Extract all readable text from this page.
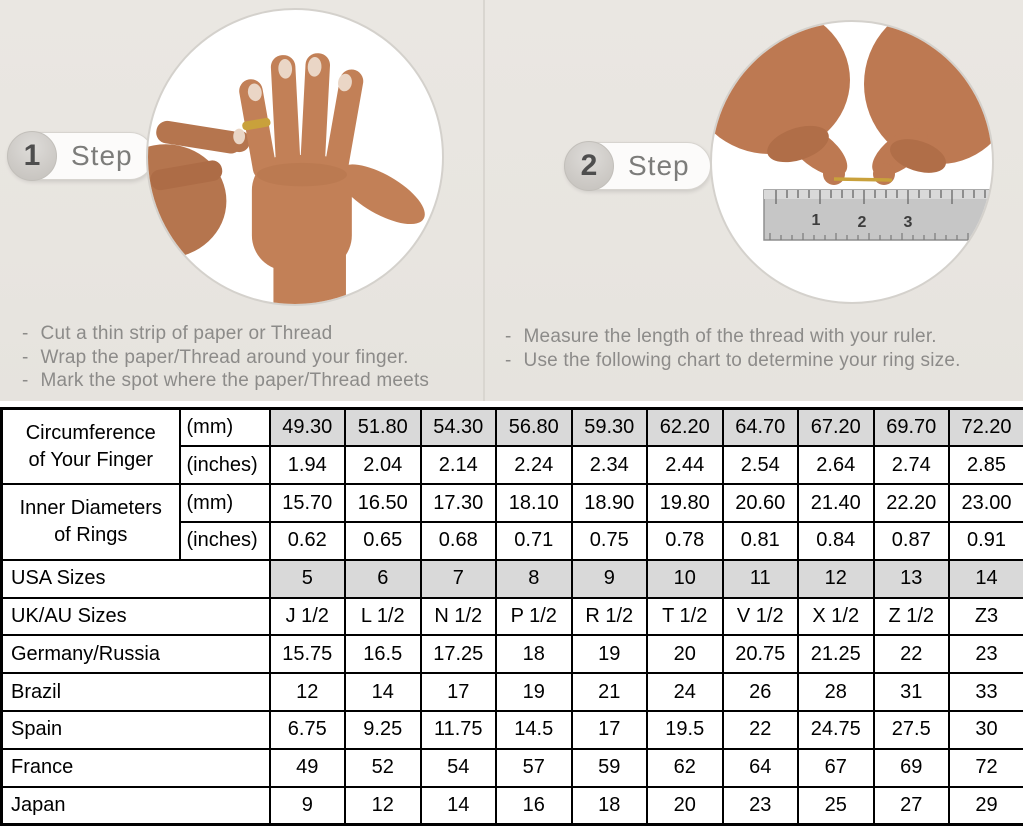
1	Step
- Cut a thin strip of paper or Thread
- Wrap the paper/Thread around your finger.
- Mark the spot where the paper/Thread meets
1 2 3
2	Step
- Measure the length of the thread with your ruler.
- Use the following chart to determine your ring size.
Circumference
of Your Finger	(mm)	49.30	51.80	54.30	56.80	59.30	62.20	64.70	67.20	69.70	72.20
	(inches)	1.94	2.04	2.14	2.24	2.34	2.44	2.54	2.64	2.74	2.85
Inner Diameters
of Rings	(mm)	15.70	16.50	17.30	18.10	18.90	19.80	20.60	21.40	22.20	23.00
	(inches)	0.62	0.65	0.68	0.71	0.75	0.78	0.81	0.84	0.87	0.91
USA Sizes		5	6	7	8	9	10	11	12	13	14
UK/AU Sizes		J 1/2	L 1/2	N 1/2	P 1/2	R 1/2	T 1/2	V 1/2	X 1/2	Z 1/2	Z3
Germany/Russia		15.75	16.5	17.25	18	19	20	20.75	21.25	22	23
Brazil		12	14	17	19	21	24	26	28	31	33
Spain		6.75	9.25	11.75	14.5	17	19.5	22	24.75	27.5	30
France		49	52	54	57	59	62	64	67	69	72
Japan		9	12	14	16	18	20	23	25	27	29
